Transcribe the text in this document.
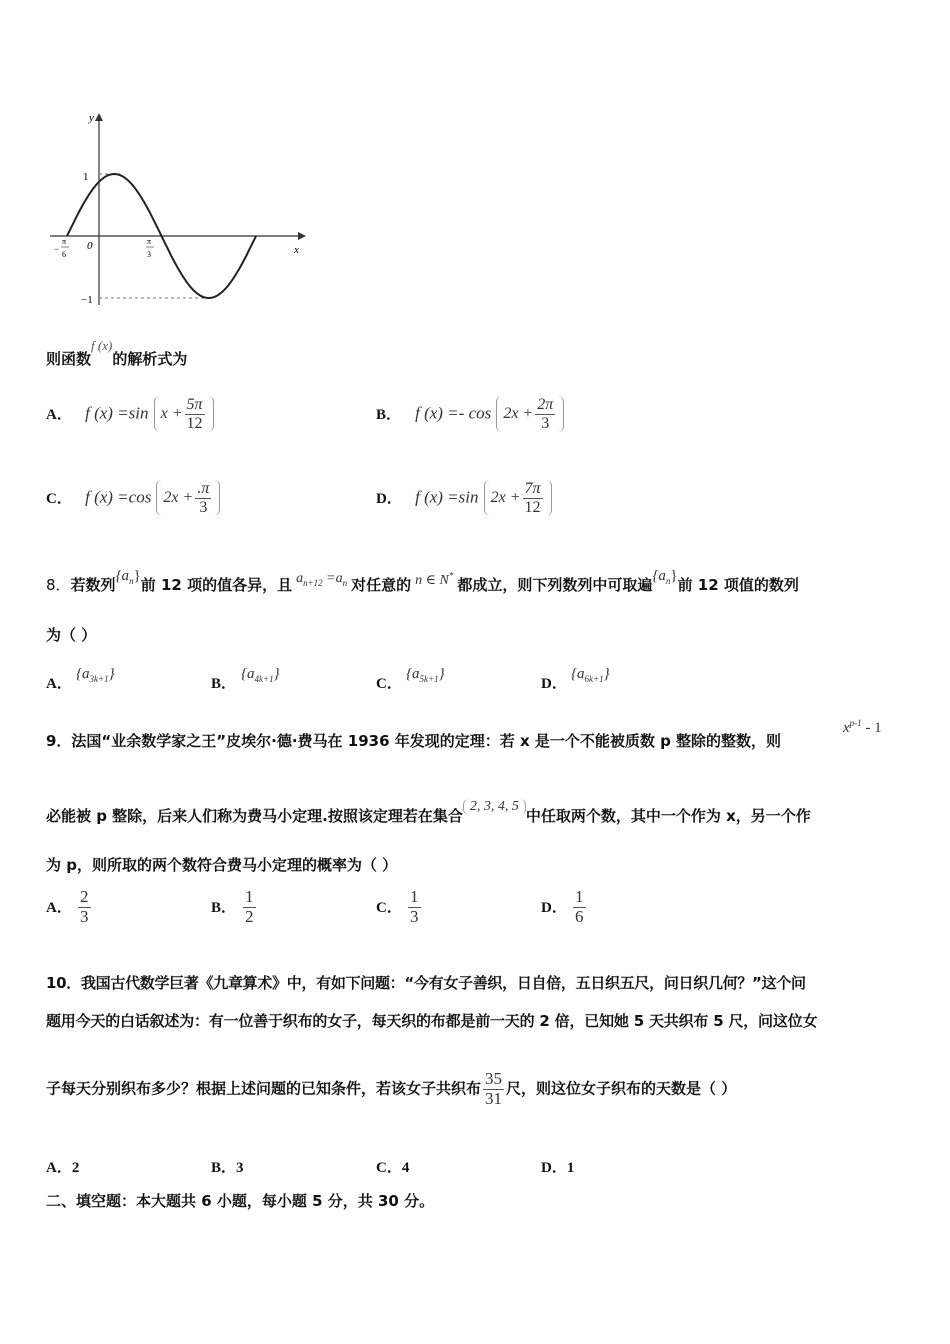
y
x
0
1
−1
−
π
6
π
3
则函数f (x)的解析式为
A． f (x) =sin $x + \frac{5\pi}{12}$	B． f $(x) =- \cos 2x + \frac{2\pi}{3}$
C． f (x) =cos $2x + \frac{.\pi}{3}$	D． f (x) =sin $2x + \frac{7\pi}{12}$
8．若数列$\{a_n\}$前 12 项的值各异，且 $a_{n+12} =a_n$ 对任意的 n ∈ N*都成立，则下列数列中可取遍$\{a_n\}$前 12 项值的数列
为（ ）
A．$\{a_{3k+1}\}$
B．$\{a_{4k+1}\}$
C．$\{a_{5k+1}\}$
D．$\{a_{6k+1}\}$
9．法国“业余数学家之王”皮埃尔·德·费马在 1936 年发现的定理：若 x 是一个不能被质数 p 整除的整数，则
$x^{p-1} - 1$
必能被 p 整除，后来人们称为费马小定理.按照该定理若在集合2, 3, 4, 5中任取两个数，其中一个作为 x，另一个作
为 p，则所取的两个数符合费马小定理的概率为（ ）
A． $\frac{2}{3}$	B． $\frac{1}{2}$	C． $\frac{1}{3}$	D． $\frac{1}{6}$
10．我国古代数学巨著《九章算术》中，有如下问题：“今有女子善织，日自倍，五日织五尺，问日织几何？”这个问
题用今天的白话叙述为：有一位善于织布的女子，每天织的布都是前一天的 2 倍，已知她 5 天共织布 5 尺，问这位女
子每天分别织布多少？根据上述问题的已知条件，若该女子共织布 $\frac{35}{31}$ 尺，则这位女子织布的天数是（ ）
A．2	B．3	C．4	D．1
二、填空题：本大题共 6 小题，每小题 5 分，共 30 分。
